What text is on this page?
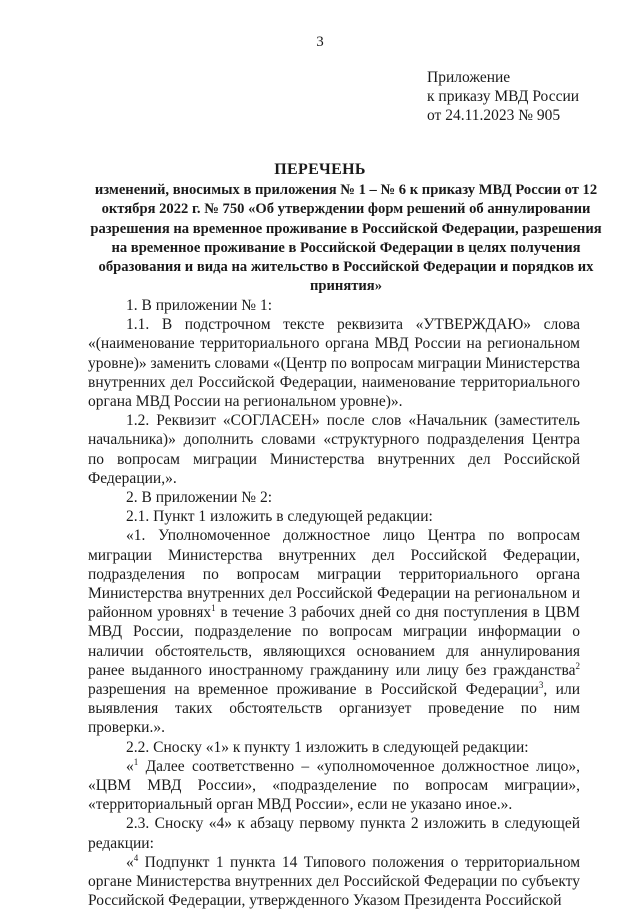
3
Приложение
к приказу МВД России
от 24.11.2023 № 905
ПЕРЕЧЕНЬ
изменений, вносимых в приложения № 1 – № 6 к приказу МВД России от 12 октября 2022 г. № 750 «Об утверждении форм решений об аннулировании разрешения на временное проживание в Российской Федерации, разрешения на временное проживание в Российской Федерации в целях получения образования и вида на жительство в Российской Федерации и порядков их принятия»

1. В приложении № 1:

1.1. В подстрочном тексте реквизита «УТВЕРЖДАЮ» слова «(наименование территориального органа МВД России на региональном уровне)» заменить словами «(Центр по вопросам миграции Министерства внутренних дел Российской Федерации, наименование территориального органа МВД России на региональном уровне)».

1.2. Реквизит «СОГЛАСЕН» после слов «Начальник (заместитель начальника)» дополнить словами «структурного подразделения Центра по вопросам миграции Министерства внутренних дел Российской Федерации,».

2. В приложении № 2:

2.1. Пункт 1 изложить в следующей редакции:

«1. Уполномоченное должностное лицо Центра по вопросам миграции Министерства внутренних дел Российской Федерации, подразделения по вопросам миграции территориального органа Министерства внутренних дел Российской Федерации на региональном и районном уровнях$^1$ в течение 3 рабочих дней со дня поступления в ЦВМ МВД России, подразделение по вопросам миграции информации о наличии обстоятельств, являющихся основанием для аннулирования ранее выданного иностранному гражданину или лицу без гражданства$^2$ разрешения на временное проживание в Российской Федерации$^3$, или выявления таких обстоятельств организует проведение по ним проверки.».

2.2. Сноску «1» к пункту 1 изложить в следующей редакции:

«$^1$ Далее соответственно – «уполномоченное должностное лицо», «ЦВМ МВД России», «подразделение по вопросам миграции», «территориальный орган МВД России», если не указано иное.».

2.3. Сноску «4» к абзацу первому пункта 2 изложить в следующей редакции:

«$^4$ Подпункт 1 пункта 14 Типового положения о территориальном органе Министерства внутренних дел Российской Федерации по субъекту Российской Федерации, утвержденного Указом Президента Российской
